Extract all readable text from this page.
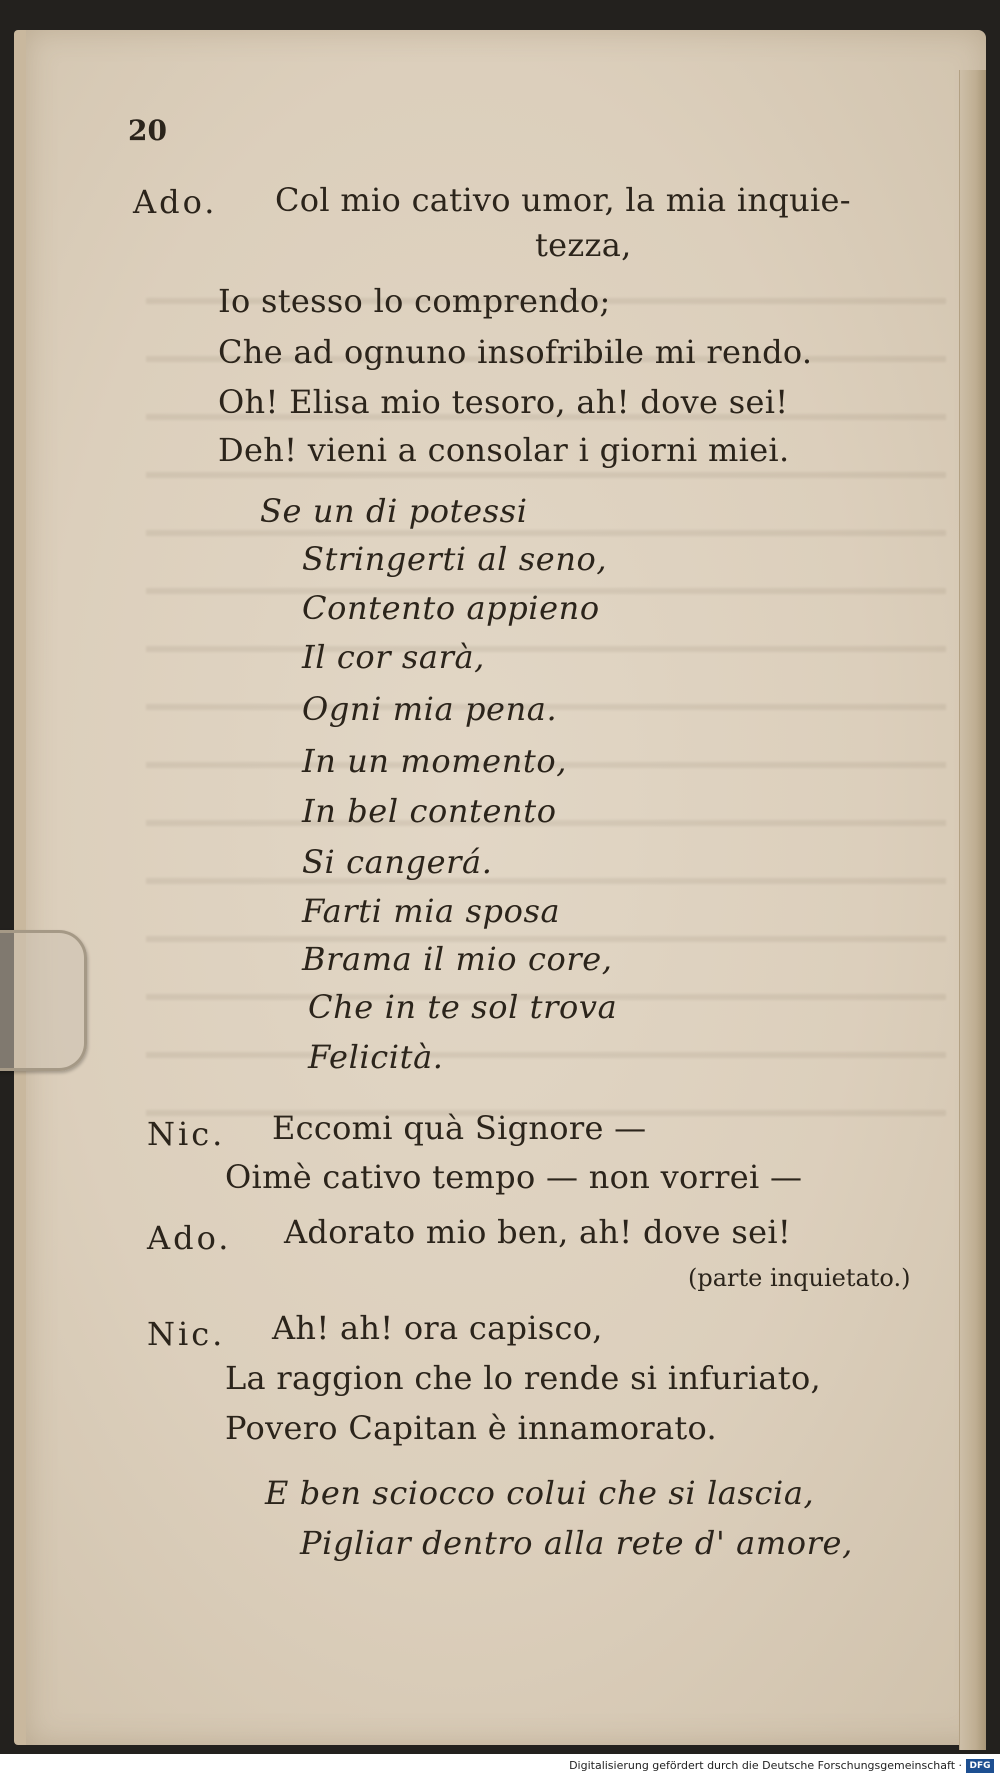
20
Ado. Col mio cativo umor, la mia inquie-
tezza,
Io stesso lo comprendo;
Che ad ognuno insofribile mi rendo.
Oh! Elisa mio tesoro, ah! dove sei!
Deh! vieni a consolar i giorni miei.
Se un di potessi
Stringerti al seno,
Contento appieno
Il cor sarà,
Ogni mia pena.
In un momento,
In bel contento
Si cangerá.
Farti mia sposa
Brama il mio core,
Che in te sol trova
Felicità.
Nic. Eccomi quà Signore —
Oimè cativo tempo — non vorrei —
Ado. Adorato mio ben, ah! dove sei!
(parte inquietato.)
Nic. Ah! ah! ora capisco,
La raggion che lo rende si infuriato,
Povero Capitan è innamorato.
E ben sciocco colui che si lascia,
Pigliar dentro alla rete d' amore,
Digitalisierung gefördert durch die Deutsche Forschungsgemeinschaft · DFG
